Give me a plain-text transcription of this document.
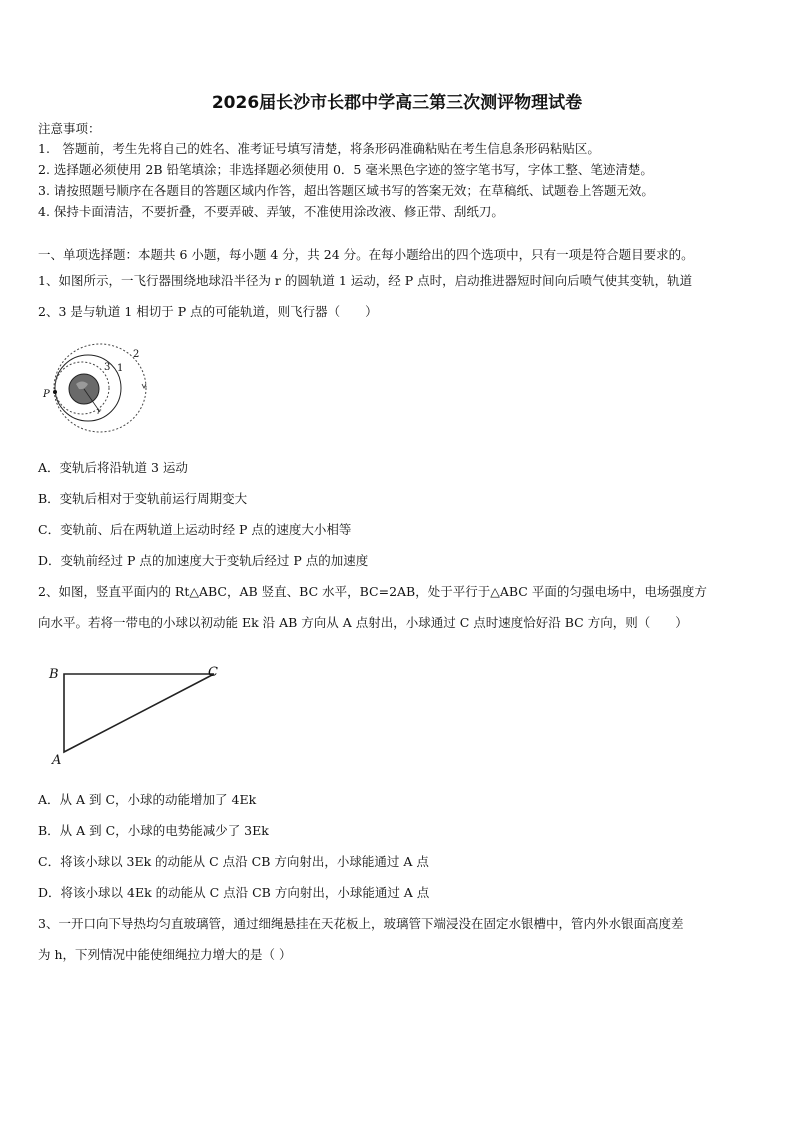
2026届长沙市长郡中学高三第三次测评物理试卷
注意事项：
1.　答题前，考生先将自己的姓名、准考证号填写清楚，将条形码准确粘贴在考生信息条形码粘贴区。
2. 选择题必须使用 2B 铅笔填涂；非选择题必须使用 0．5 毫米黑色字迹的签字笔书写，字体工整、笔迹清楚。
3. 请按照题号顺序在各题目的答题区域内作答，超出答题区域书写的答案无效；在草稿纸、试题卷上答题无效。
4. 保持卡面清洁，不要折叠，不要弄破、弄皱，不准使用涂改液、修正带、刮纸刀。
一、单项选择题：本题共 6 小题，每小题 4 分，共 24 分。在每小题给出的四个选项中，只有一项是符合题目要求的。
1、如图所示，一飞行器围绕地球沿半径为 r 的圆轨道 1 运动，经 P 点时，启动推进器短时间向后喷气使其变轨，轨道
2、3 是与轨道 1 相切于 P 点的可能轨道，则飞行器（　　）
P
2
1
3
r
A．变轨后将沿轨道 3 运动
B．变轨后相对于变轨前运行周期变大
C．变轨前、后在两轨道上运动时经 P 点的速度大小相等
D．变轨前经过 P 点的加速度大于变轨后经过 P 点的加速度
2、如图，竖直平面内的 Rt△ABC，AB 竖直、BC 水平，BC=2AB，处于平行于△ABC 平面的匀强电场中，电场强度方
向水平。若将一带电的小球以初动能 Ek 沿 AB 方向从 A 点射出，小球通过 C 点时速度恰好沿 BC 方向，则（　　）
B	C
A
A．从 A 到 C，小球的动能增加了 4Ek
B．从 A 到 C，小球的电势能减少了 3Ek
C．将该小球以 3Ek 的动能从 C 点沿 CB 方向射出，小球能通过 A 点
D．将该小球以 4Ek 的动能从 C 点沿 CB 方向射出，小球能通过 A 点
3、一开口向下导热均匀直玻璃管，通过细绳悬挂在天花板上，玻璃管下端浸没在固定水银槽中，管内外水银面高度差
为 h，下列情况中能使细绳拉力增大的是（ ）
